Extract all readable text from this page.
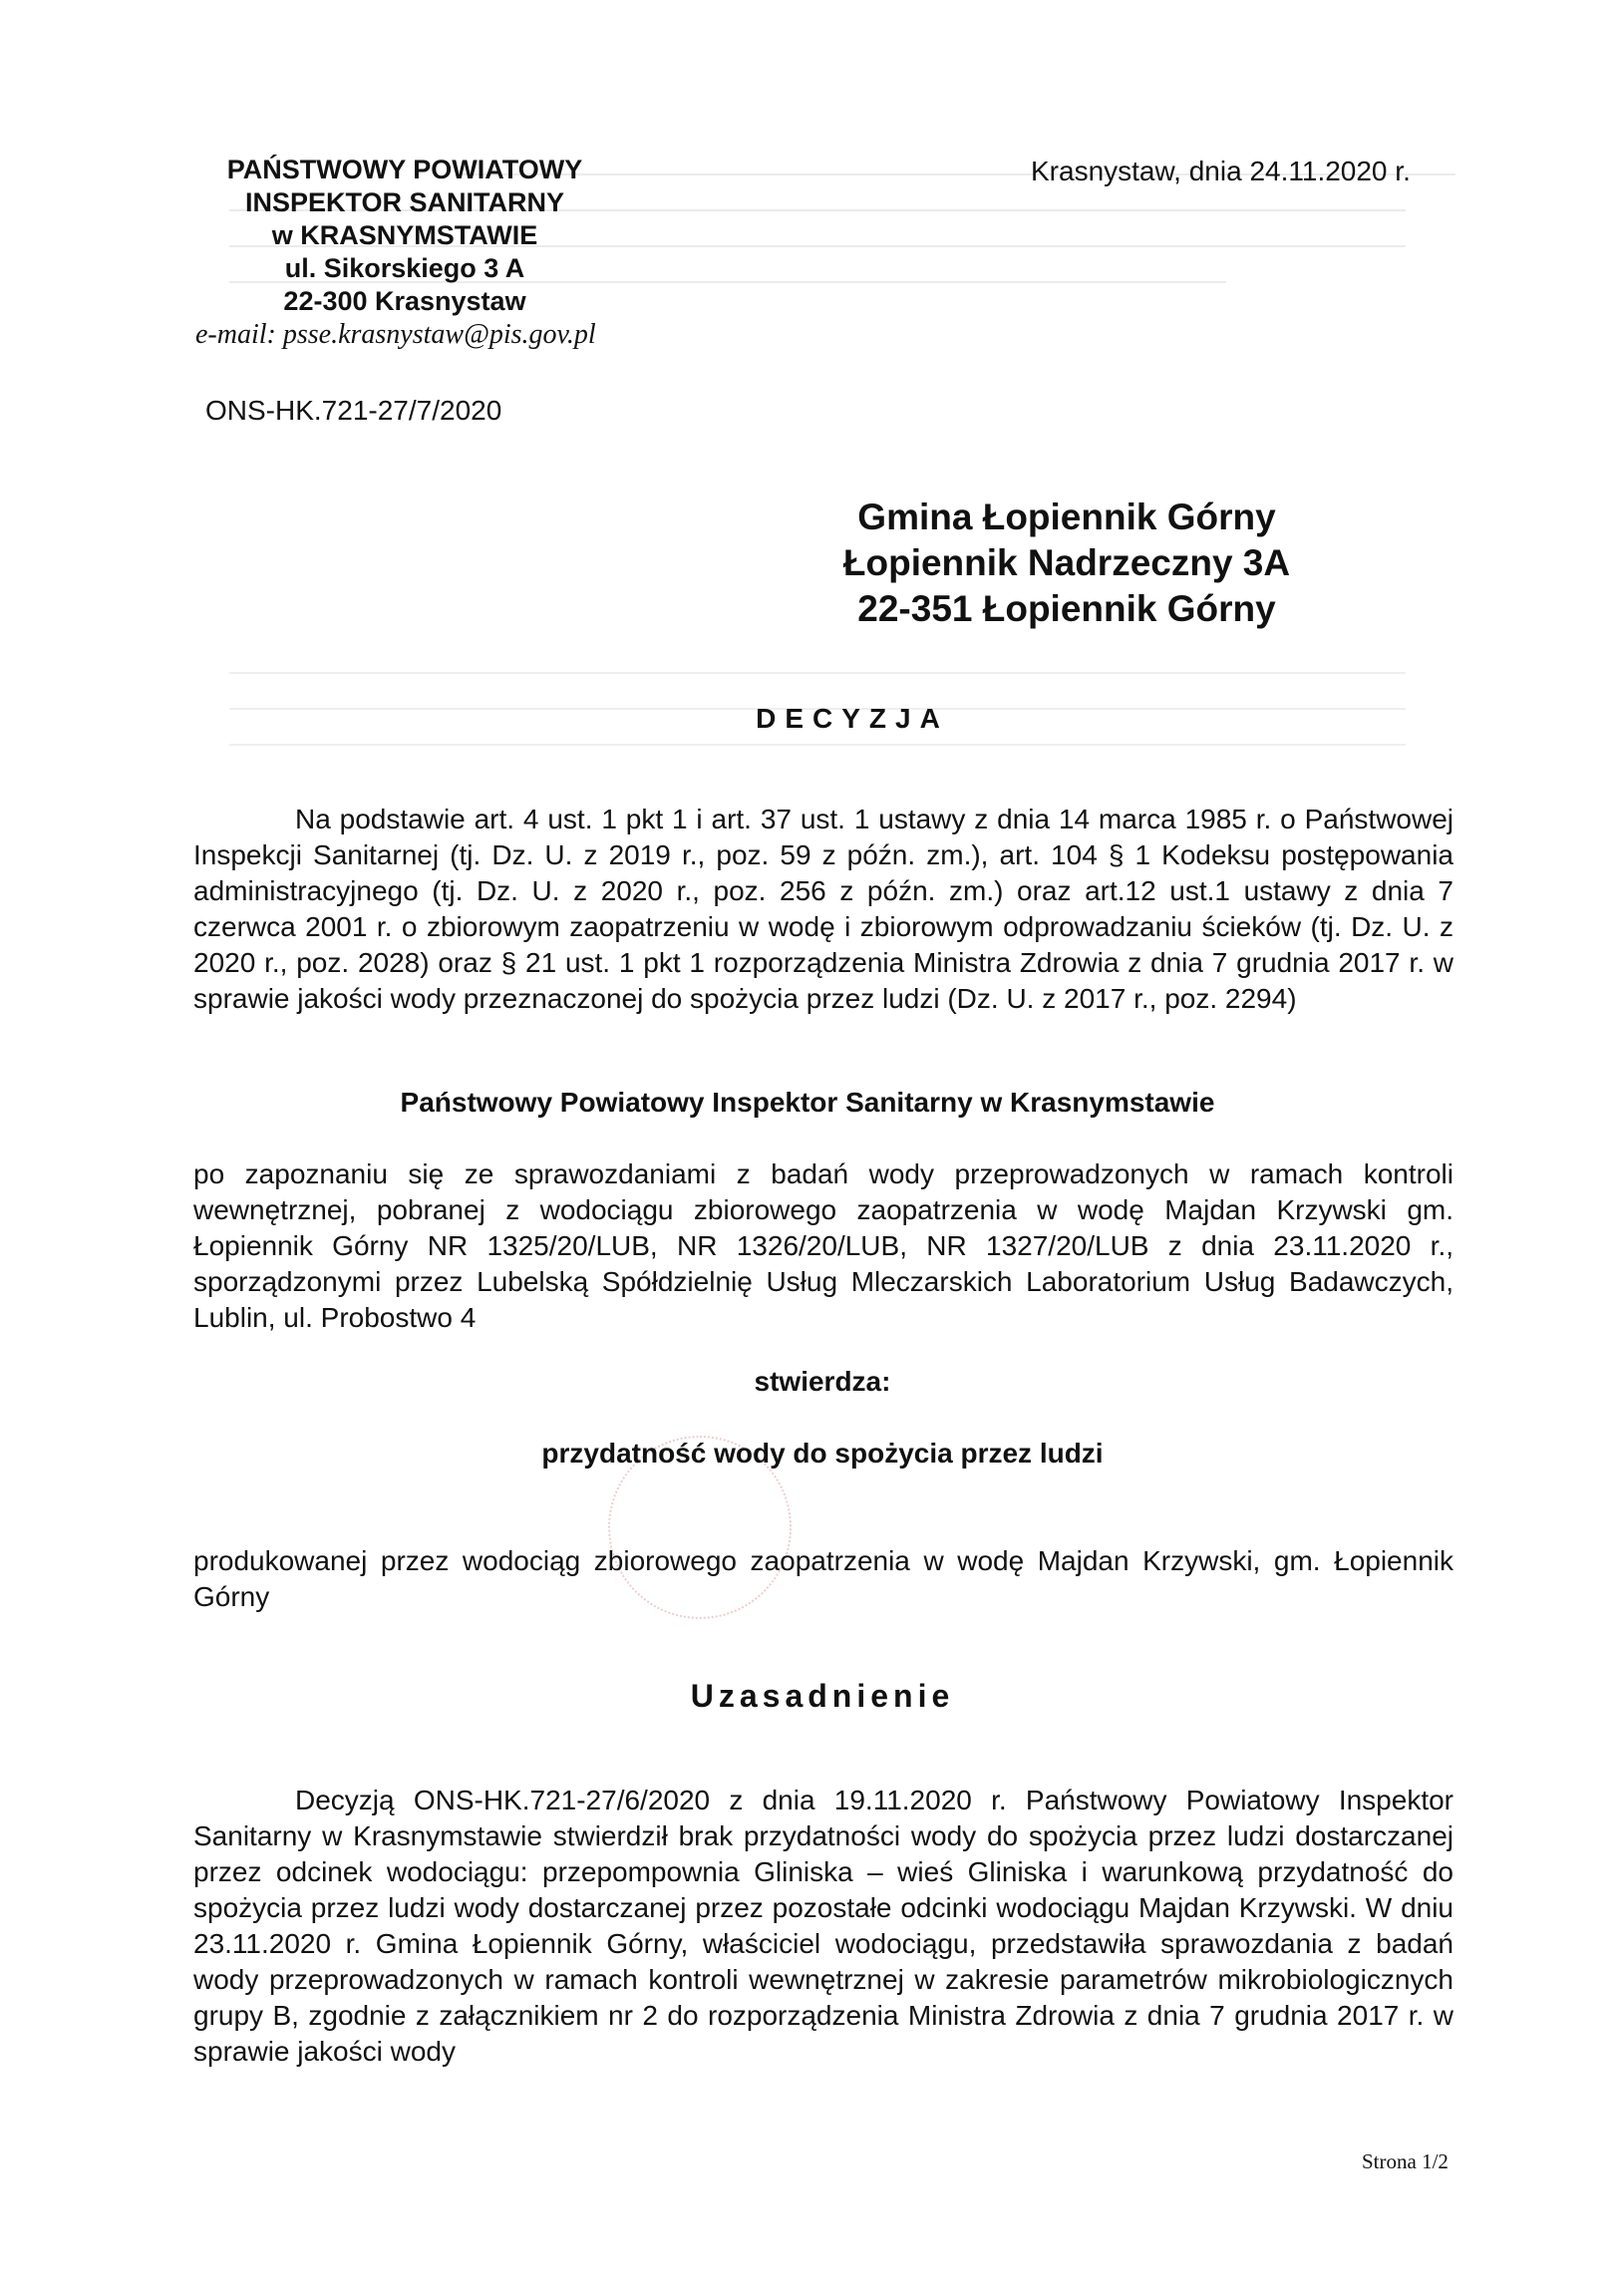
PAŃSTWOWY POWIATOWY
INSPEKTOR SANITARNY
w KRASNYMSTAWIE
ul. Sikorskiego 3 A
22-300 Krasnystaw
e-mail: psse.krasnystaw@pis.gov.pl
Krasnystaw, dnia 24.11.2020 r.
ONS-HK.721-27/7/2020
Gmina Łopiennik Górny
Łopiennik Nadrzeczny 3A
22-351 Łopiennik Górny
DECYZJA
Na podstawie art. 4 ust. 1 pkt 1 i art. 37 ust. 1 ustawy z dnia 14 marca 1985 r. o Państwowej Inspekcji Sanitarnej (tj. Dz. U. z 2019 r., poz. 59 z późn. zm.), art. 104 § 1 Kodeksu postępowania administracyjnego (tj. Dz. U. z 2020 r., poz. 256 z późn. zm.) oraz art.12 ust.1 ustawy z dnia 7 czerwca 2001 r. o zbiorowym zaopatrzeniu w wodę i zbiorowym odprowadzaniu ścieków (tj. Dz. U. z 2020 r., poz. 2028) oraz § 21 ust. 1 pkt 1 rozporządzenia Ministra Zdrowia z dnia 7 grudnia 2017 r. w sprawie jakości wody przeznaczonej do spożycia przez ludzi (Dz. U. z 2017 r., poz. 2294)
Państwowy Powiatowy Inspektor Sanitarny w Krasnymstawie
po zapoznaniu się ze sprawozdaniami z badań wody przeprowadzonych w ramach kontroli wewnętrznej, pobranej z wodociągu zbiorowego zaopatrzenia w wodę Majdan Krzywski gm. Łopiennik Górny NR 1325/20/LUB, NR 1326/20/LUB, NR 1327/20/LUB z dnia 23.11.2020 r., sporządzonymi przez Lubelską Spółdzielnię Usług Mleczarskich Laboratorium Usług Badawczych, Lublin, ul. Probostwo 4
stwierdza:
przydatność wody do spożycia przez ludzi
produkowanej przez wodociąg zbiorowego zaopatrzenia w wodę Majdan Krzywski, gm. Łopiennik Górny
Uzasadnienie
Decyzją ONS-HK.721-27/6/2020 z dnia 19.11.2020 r. Państwowy Powiatowy Inspektor Sanitarny w Krasnymstawie stwierdził brak przydatności wody do spożycia przez ludzi dostarczanej przez odcinek wodociągu: przepompownia Gliniska – wieś Gliniska i warunkową przydatność do spożycia przez ludzi wody dostarczanej przez pozostałe odcinki wodociągu Majdan Krzywski. W dniu 23.11.2020 r. Gmina Łopiennik Górny, właściciel wodociągu, przedstawiła sprawozdania z badań wody przeprowadzonych w ramach kontroli wewnętrznej w zakresie parametrów mikrobiologicznych grupy B, zgodnie z załącznikiem nr 2 do rozporządzenia Ministra Zdrowia z dnia 7 grudnia 2017 r. w sprawie jakości wody
Strona 1/2
